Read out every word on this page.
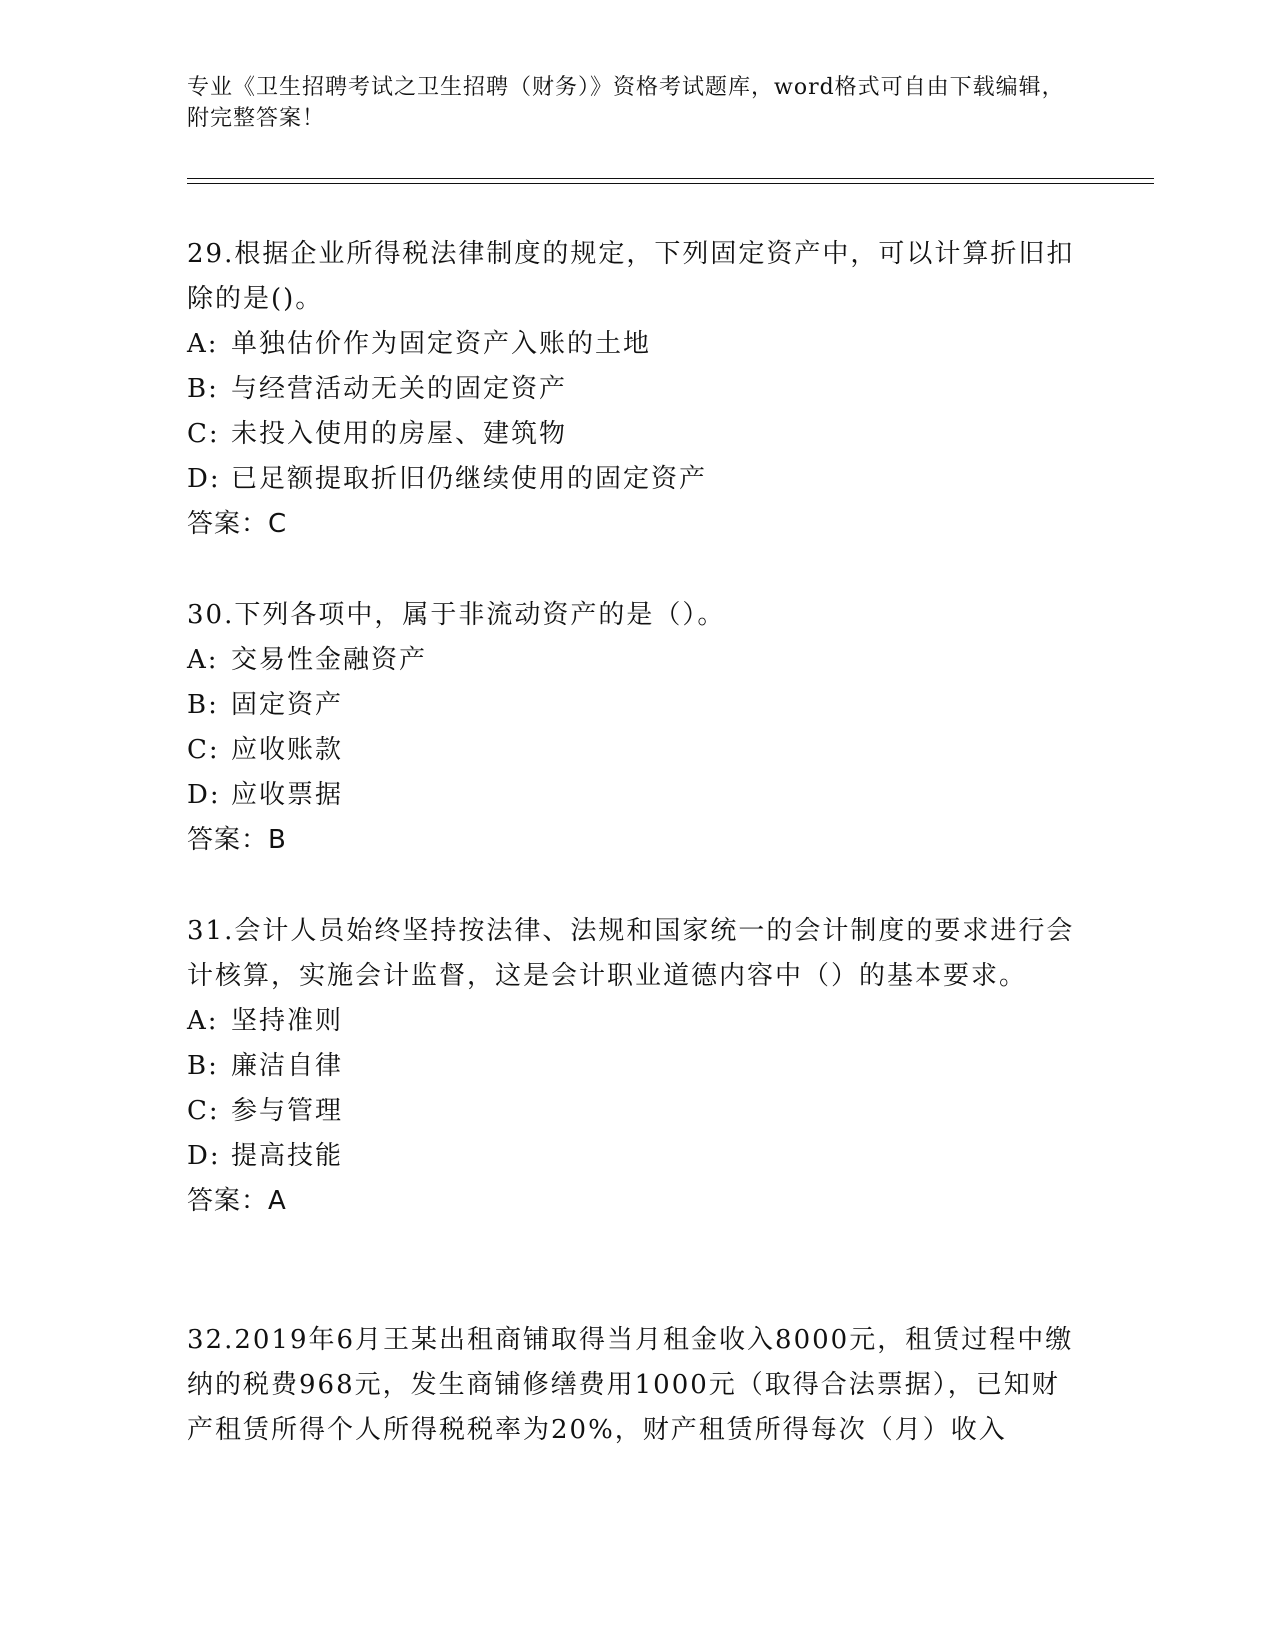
专业《卫生招聘考试之卫生招聘（财务）》资格考试题库，word格式可自由下载编辑，附完整答案！

29.根据企业所得税法律制度的规定，下列固定资产中，可以计算折旧扣除的是()。

A: 单独估价作为固定资产入账的土地

B: 与经营活动无关的固定资产

C: 未投入使用的房屋、建筑物

D: 已足额提取折旧仍继续使用的固定资产

答案：C

30.下列各项中，属于非流动资产的是（）。

A: 交易性金融资产

B: 固定资产

C: 应收账款

D: 应收票据

答案：B

31.会计人员始终坚持按法律、法规和国家统一的会计制度的要求进行会计核算，实施会计监督，这是会计职业道德内容中（）的基本要求。

A: 坚持准则

B: 廉洁自律

C: 参与管理

D: 提高技能

答案：A

32.2019年6月王某出租商铺取得当月租金收入8000元，租赁过程中缴纳的税费968元，发生商铺修缮费用1000元（取得合法票据），已知财产租赁所得个人所得税税率为20%，财产租赁所得每次（月）收入
